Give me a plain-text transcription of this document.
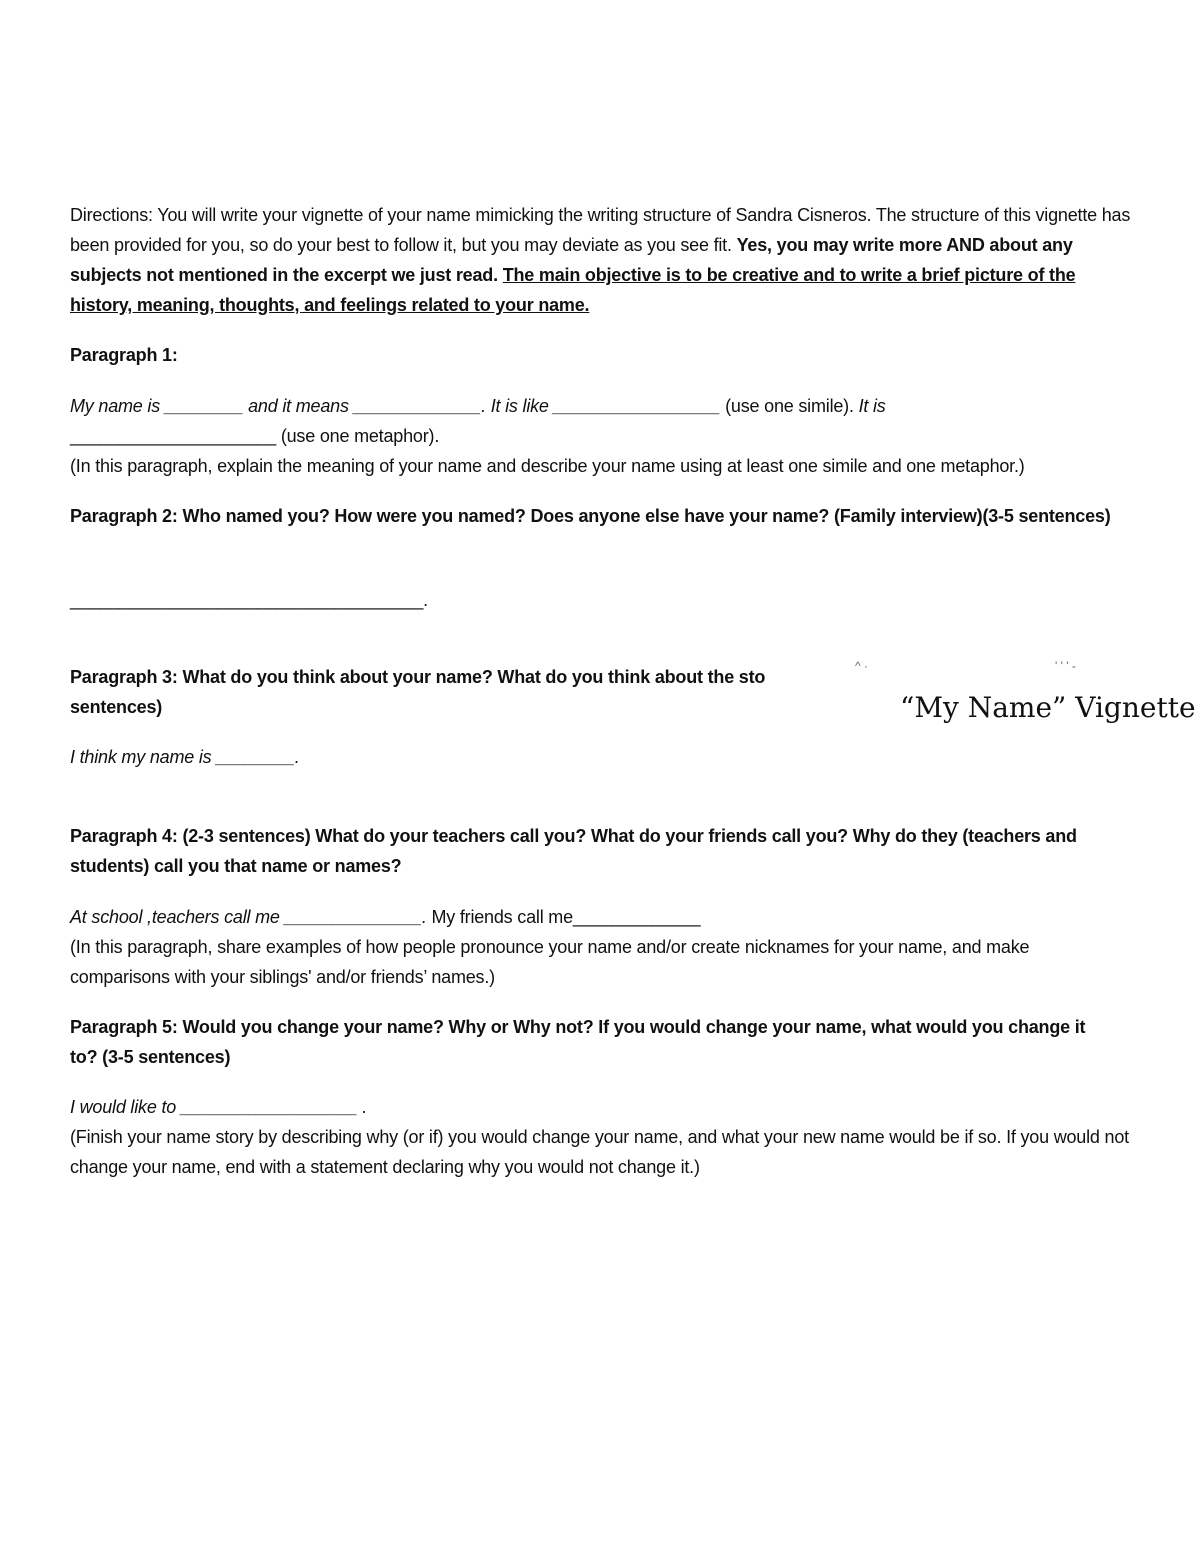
Directions: You will write your vignette of your name mimicking the writing structure of Sandra Cisneros. The structure of this vignette has been provided for you, so do your best to follow it, but you may deviate as you see fit. Yes, you may write more AND about any subjects not mentioned in the excerpt we just read. The main objective is to be creative and to write a brief picture of the history, meaning, thoughts, and feelings related to your name.
Paragraph 1:
My name is ________ and it means _____________. It is like _________________ (use one simile). It is
_____________________ (use one metaphor).
(In this paragraph, explain the meaning of your name and describe your name using at least one simile and one metaphor.)
Paragraph 2: Who named you? How were you named? Does anyone else have your name? (Family interview)(3-5 sentences)
____________________________________.
Paragraph 3: What do you think about your name? What do you think about the sto
sentences)
I think my name is ________.
^ ·	' ' ' -
“My Name” Vignette
Paragraph 4: (2-3 sentences) What do your teachers call you? What do your friends call you? Why do they (teachers and students) call you that name or names?
At school ,teachers call me ______________. My friends call me_____________
(In this paragraph, share examples of how people pronounce your name and/or create nicknames for your name, and make comparisons with your siblings' and/or friends’ names.)
Paragraph 5: Would you change your name? Why or Why not? If you would change your name, what would you change it to? (3-5 sentences)
I would like to __________________ .
(Finish your name story by describing why (or if) you would change your name, and what your new name would be if so. If you would not change your name, end with a statement declaring why you would not change it.)
